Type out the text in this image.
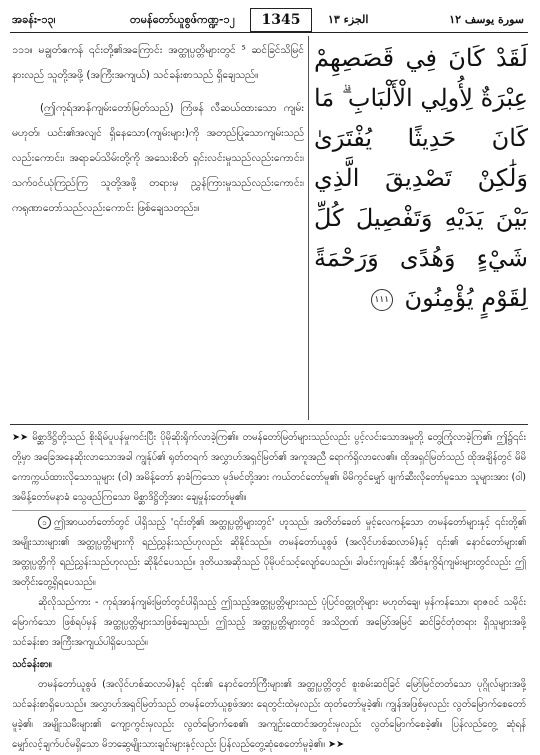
အခန်း-၁၃၊	တမန်တော်ယူစွဖ်ကဏ္ဍ-၁၂	1345	الجزء ١٣	سورة يوسف ١٢

၁၁၁။ မချွတ်ဧကန် ၎င်းတို့၏အကြောင်း အတ္ထုပ္ပတ္တိများတွင် ⁵ ဆင်ခြင်သိမြင် နားလည် သူတို့အဖို့ (အကြီးအကျယ်) သင်ခန်းစာသည် ရှိချေသည်။

(ဤကုရ်အာန်ကျမ်းတော်မြတ်သည်) ကြံဖန် လီဆယ်ထားသော ကျမ်းမဟုတ်၊ ယင်း၏အလျင် ရှိနေသော(ကျမ်းများ)ကို အတည်ပြုသောကျမ်းသည် လည်းကောင်း၊ အရာခပ်သိမ်းတို့ကို အသေးစိတ် ရှင်းလင်းမှုသည်လည်းကောင်း၊ သက်ဝင်ယုံကြည်ကြ သူတို့အဖို့ တရားမှ ညွှန်ကြားမှုသည်လည်းကောင်း၊ ကရုဏာတော်သည်လည်းကောင်း ဖြစ်ချေသတည်း။

لَقَدْ كَانَ فِي قَصَصِهِمْ عِبْرَةٌ لِأُولِي الْأَلْبَابِ ۗ مَا كَانَ حَدِيثًا يُفْتَرَىٰ وَلَٰكِنْ تَصْدِيقَ الَّذِي بَيْنَ يَدَيْهِ وَتَفْصِيلَ كُلِّ شَيْءٍ وَهُدًى وَرَحْمَةً لِقَوْمٍ يُؤْمِنُونَ ١١١

➤➤ မိစ္ဆာဒိဋ္ဌိတို့သည် စိုးရိမ်ပူပန်မှုကင်းပြီး ပိုမိုဆိုးရိုက်လာခဲ့ကြ၏။ တမန်တော်မြတ်များသည်လည်း ပွင့်လင်းသောအမှုတို့ တွေ့ကြုံလာခဲ့ကြ၏၊ ဤ၌၎င်းတို့မှာ အခြေအနေဆိုးလာသောအခါ ကျွန်ုပ်၏ ရုတ်တရက် အလွှာဟ်အရှင်မြတ်၏ အကူအညီ ရောက်ရှိလာလေ၏။ ထိုအရှင်မြတ်သည် ထိုအချိန်တွင် မိမိကောက္ကယ်ထားလိုသောသူများ (ဝါ) အမိန့်တော် နာခံကြသော မုဒ်မင်တို့အား ကယ်တင်တော်မူ၏၊ မိမိကွင်မျှော် ဖျက်ဆီးလိုတော်မူသော သူများအား (ဝါ) အမိန့်တော်မနာခံ သွေဖည်ကြသော မိစ္ဆာဒိဋ္ဌိတို့အား ချေမှုန်းတော်မူ၏။

၁ ဤအာယတ်တော်တွင် ပါရှိသည့် '၎င်းတို့၏ အတ္ထုပ္ပတ္တိများတွင်' ဟူသည်၊ အတိတ်ခေတ် မှုင့်လေကန့်သော တမန်တော်များနှင့် ၎င်းတို့၏ အမျိုးသားများ၏ အတ္ထုပ္ပတ္တိများကို ရည်ညွှန်းသည်ဟုလည်း ဆိုနိုင်သည်။ တမန်တော်ယူစွဖ် (အလိုင်ဟစ်ဆလာမ်)နှင့် ၎င်း၏ နောင်တော်များ၏ အတ္ထုပ္ပတ္တိကို ရည်ညွှန်းသည်ဟုလည်း ဆိုနိုင်ပေသည်။ ဒုတိယအဆိုသည် ပိုမိုပင်သင့်လျော်ပေသည်။ ခါဖင်းကျမ်းနှင့် အီဗ်နုကွိရ်ကျမ်းများတွင်လည်း ဤအတိုင်းတွေ့ရှိရပေသည်။

ဆိုလိုသည်ကား - ကုရ်အာန်ကျမ်းမြတ်တွင်ပါရှိသည့် ဤသည့်အတ္ထုပ္ပတ္တိများသည် ပုံပြင်ဝတ္ထုတိုများ မဟုတ်ချေ၊ မှန်ကန်သော၊ ရာဇဝင် သမိုင်းမြောက်သော ဖြစ်ရပ်မှန် အတ္ထုပ္ပတ္တိများသာဖြစ်ချေသည်၊ ဤသည့် အတ္ထုပ္ပတ္တိများတွင် အသိဉာဏ် အမြော်အမြင် ဆင်ခြင်တုံတရား ရှိသူများအဖို့ သင်ခန်းစာ အကြီးအကျယ်ပါရှိပေသည်။

သင်ခန်းစာ။

တမန်တော်ယူစွဖ် (အလိုင်ဟစ်ဆလာမ်)နှင့် ၎င်း၏ နောင်တော်ကြီးများ၏ အတ္ထုပ္ပတ္တိတွင် စူးစမ်းဆင်ခြင် မြော်မြင်တတ်သော ပုဂ္ဂိုလ်များအဖို့ သင်ခန်းစာရှိပေသည်။ အလွှာဟ်အရှင်မြတ်သည် တမန်တော်ယူစွဖ်အား ရေတွင်းထဲမှလည်း ထုတ်တော်မူခဲ့၏၊ ကျွန်အဖြစ်မှလည်း လွတ်မြောက်စေတော်မူခဲ့၏၊ အမျိုးသမီးများ၏ ကျော့ကွင်းမှလည်း လွတ်မြောက်စေ၏၊ အကျဉ်းထောင်အတွင်းမှလည်း လွတ်မြောက်စေခဲ့၏။ ပြန်လည်တွေ့ ဆုံရန် မျှော်လင့်ချက်ပင်မရှိသော မိဘဆွေမျိုးသားချင်းများနှင့်လည်း ပြန်လည်တွေ့ဆုံစေတော်မူခဲ့၏။ ➤➤
